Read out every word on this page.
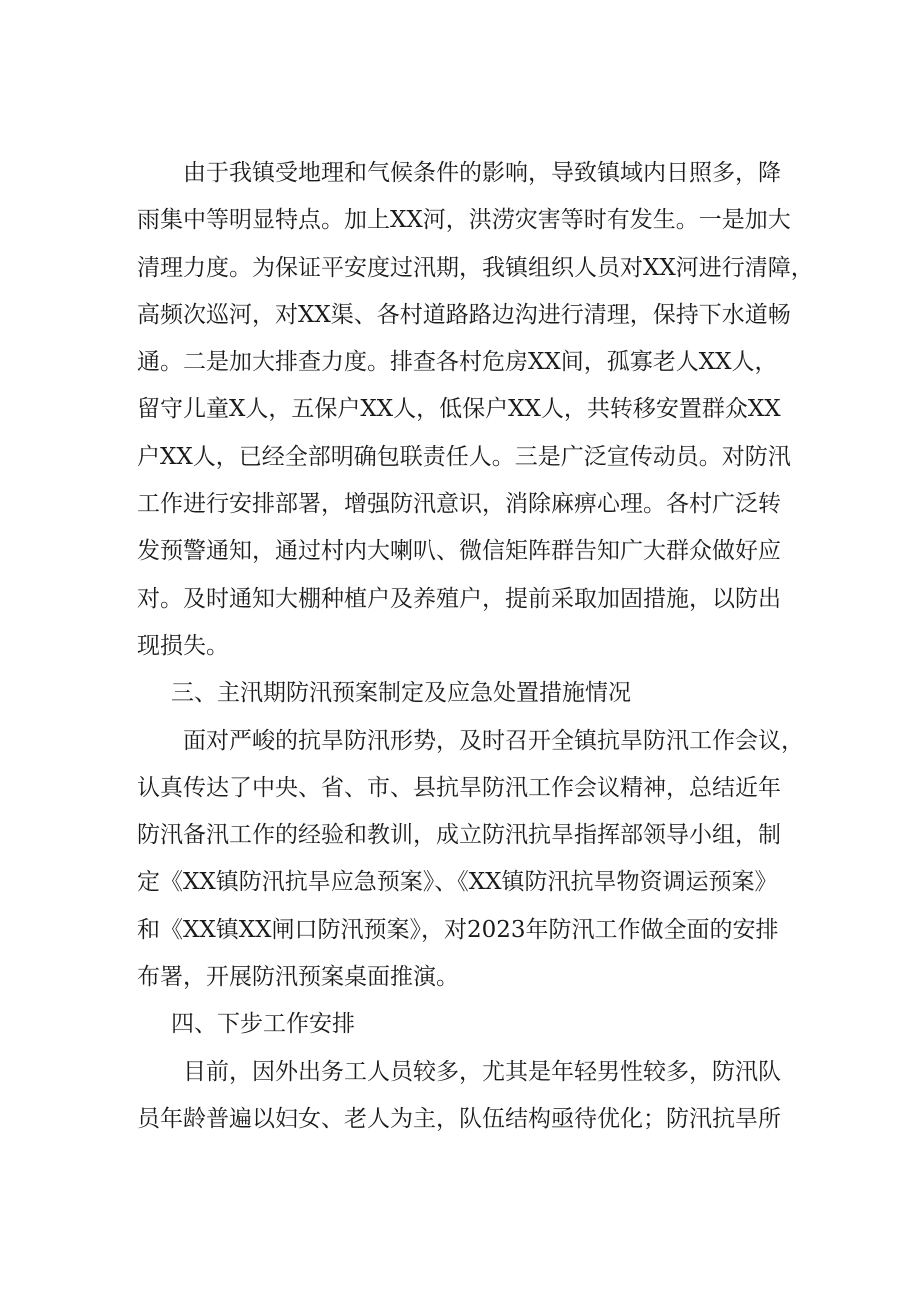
由于我镇受地理和气候条件的影响，导致镇域内日照多，降
雨集中等明显特点。加上XX河，洪涝灾害等时有发生。一是加大
清理力度。为保证平安度过汛期，我镇组织人员对XX河进行清障，
高频次巡河，对XX渠、各村道路路边沟进行清理，保持下水道畅
通。二是加大排查力度。排查各村危房XX间，孤寡老人XX人，
留守儿童X人，五保户XX人，低保户XX人，共转移安置群众XX
户XX人，已经全部明确包联责任人。三是广泛宣传动员。对防汛
工作进行安排部署，增强防汛意识，消除麻痹心理。各村广泛转
发预警通知，通过村内大喇叭、微信矩阵群告知广大群众做好应
对。及时通知大棚种植户及养殖户，提前采取加固措施，以防出
现损失。
三、主汛期防汛预案制定及应急处置措施情况
面对严峻的抗旱防汛形势，及时召开全镇抗旱防汛工作会议，
认真传达了中央、省、市、县抗旱防汛工作会议精神，总结近年
防汛备汛工作的经验和教训，成立防汛抗旱指挥部领导小组，制
定《XX镇防汛抗旱应急预案》、《XX镇防汛抗旱物资调运预案》
和《XX镇XX闸口防汛预案》，对2023年防汛工作做全面的安排
布署，开展防汛预案桌面推演。
四、下步工作安排
目前，因外出务工人员较多，尤其是年轻男性较多，防汛队
员年龄普遍以妇女、老人为主，队伍结构亟待优化；防汛抗旱所
